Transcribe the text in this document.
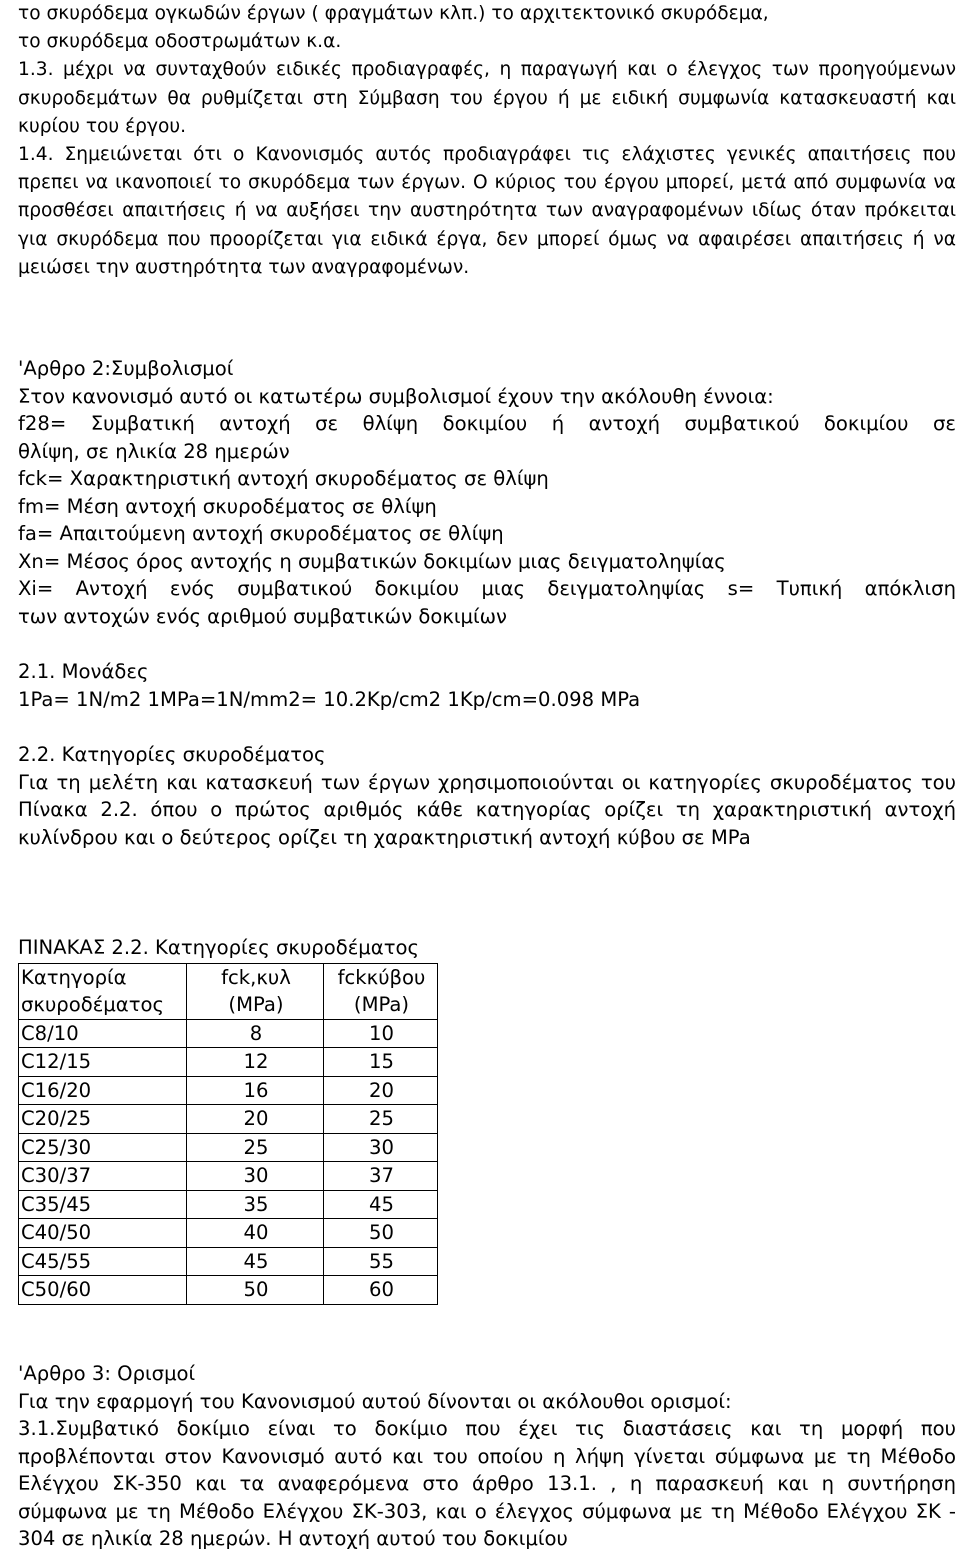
το σκυρόδεμα ογκωδών έργων ( φραγμάτων κλπ.) το αρχιτεκτονικό σκυρόδεμα,
το σκυρόδεμα οδοστρωμάτων κ.α.

1.3. μέχρι να συνταχθούν ειδικές προδιαγραφές, η παραγωγή και ο έλεγχος των προηγούμενων σκυροδεμάτων θα ρυθμίζεται στη Σύμβαση του έργου ή με ειδική συμφωνία κατασκευαστή και κυρίου του έργου.

1.4. Σημειώνεται ότι ο Κανονισμός αυτός προδιαγράφει τις ελάχιστες γενικές απαιτήσεις που πρεπει να ικανοποιεί το σκυρόδεμα των έργων. Ο κύριος του έργου μπορεί, μετά από συμφωνία να προσθέσει απαιτήσεις ή να αυξήσει την αυστηρότητα των αναγραφομένων ιδίως όταν πρόκειται για σκυρόδεμα που προορίζεται για ειδικά έργα, δεν μπορεί όμως να αφαιρέσει απαιτήσεις ή να μειώσει την αυστηρότητα των αναγραφομένων.

'Αρθρο 2:Συμβολισμοί
Στον κανονισμό αυτό οι κατωτέρω συμβολισμοί έχουν την ακόλουθη έννοια:
f28= Συμβατική αντοχή σε θλίψη δοκιμίου ή αντοχή συμβατικού δοκιμίου σε
θλίψη, σε ηλικία 28 ημερών
fck= Χαρακτηριστική αντοχή σκυροδέματος σε θλίψη
fm= Μέση αντοχή σκυροδέματος σε θλίψη
fa= Απαιτούμενη αντοχή σκυροδέματος σε θλίψη
Xn= Μέσος όρος αντοχής η συμβατικών δοκιμίων μιας δειγματοληψίας
Xi= Αντοχή ενός συμβατικού δοκιμίου μιας δειγματοληψίας s= Τυπική απόκλιση
των αντοχών ενός αριθμού συμβατικών δοκιμίων
2.1. Μονάδες
1Pa= 1N/m2 1MPa=1N/mm2= 10.2Kp/cm2 1Kp/cm=0.098 MPa
2.2. Κατηγορίες σκυροδέματος

Για τη μελέτη και κατασκευή των έργων χρησιμοποιούνται οι κατηγορίες σκυροδέματος του Πίνακα 2.2. όπου ο πρώτος αριθμός κάθε κατηγορίας ορίζει τη χαρακτηριστική αντοχή κυλίνδρου και ο δεύτερος ορίζει τη χαρακτηριστική αντοχή κύβου σε MPa

ΠΙΝΑΚΑΣ 2.2. Κατηγορίες σκυροδέματος
Κατηγορία	fck,κυλ	fckκύβου
σκυροδέματος	(MPa)	(MPa)
C8/10	8	10
C12/15	12	15
C16/20	16	20
C20/25	20	25
C25/30	25	30
C30/37	30	37
C35/45	35	45
C40/50	40	50
C45/55	45	55
C50/60	50	60
'Αρθρο 3: Ορισμοί
Για την εφαρμογή του Κανονισμού αυτού δίνονται οι ακόλουθοι ορισμοί:

3.1.Συμβατικό δοκίμιο είναι το δοκίμιο που έχει τις διαστάσεις και τη μορφή που προβλέπονται στον Κανονισμό αυτό και του οποίου η λήψη γίνεται σύμφωνα με τη Μέθοδο Ελέγχου ΣΚ-350 και τα αναφερόμενα στο άρθρο 13.1. , η παρασκευή και η συντήρηση σύμφωνα με τη Μέθοδο Ελέγχου ΣΚ-303, και ο έλεγχος σύμφωνα με τη Μέθοδο Ελέγχου ΣΚ - 304 σε ηλικία 28 ημερών. Η αντοχή αυτού του δοκιμίου
